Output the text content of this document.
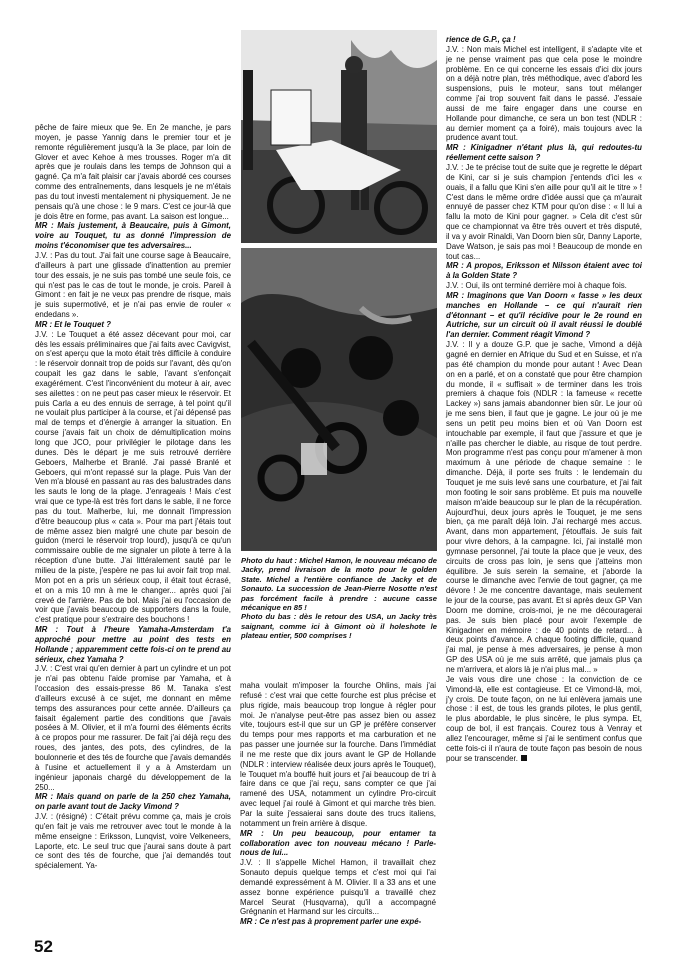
pêche de faire mieux que 9e. En 2e manche, je pars moyen, je passe Yannig dans le premier tour et je remonte régulièrement jusqu'à la 3e place, par loin de Glover et avec Kehoe à mes trousses. Roger m'a dit après que je roulais dans les temps de Johnson qui a gagné. Ça m'a fait plaisir car j'avais abordé ces courses comme des entraînements, dans lesquels je ne m'étais pas du tout investi mentalement ni physiquement. Je ne pensais qu'à une chose : le 9 mars. C'est ce jour-là que je dois être en forme, pas avant. La saison est longue...

MR : Mais justement, à Beaucaire, puis à Gimont, voire au Touquet, tu as donné l'impression de moins t'économiser que tes adversaires...

J.V. : Pas du tout. J'ai fait une course sage à Beaucaire, d'ailleurs à part une glissade d'inattention au premier tour des essais, je ne suis pas tombé une seule fois, ce qui n'est pas le cas de tout le monde, je crois. Pareil à Gimont : en fait je ne veux pas prendre de risque, mais je suis supermotivé, et je n'ai pas envie de rouler « endedans ».

MR : Et le Touquet ?

J.V. : Le Touquet a été assez décevant pour moi, car dès les essais préliminaires que j'ai faits avec Cavigvist, on s'est aperçu que la moto était très difficile à conduire : le réservoir donnait trop de poids sur l'avant, dès qu'on coupait les gaz dans le sable, l'avant s'enfonçait exagérément. C'est l'inconvénient du moteur à air, avec ses ailettes : on ne peut pas caser mieux le réservoir. Et puis Carla a eu des ennuis de serrage, à tel point qu'il ne voulait plus participer à la course, et j'ai dépensé pas mal de temps et d'énergie à arranger la situation. En course j'avais fait un choix de démultiplication moins long que JCO, pour privilégier le pilotage dans les dunes. Dès le départ je me suis retrouvé derrière Geboers, Malherbe et Branlé. J'ai passé Branlé et Geboers, qui m'ont repassé sur la plage. Puis Van der Ven m'a blousé en passant au ras des balustrades dans les sauts le long de la plage. J'enrageais ! Mais c'est vrai que ce type-là est très fort dans le sable, il ne force pas du tout. Malherbe, lui, me donnait l'impression d'être beaucoup plus « cata ». Pour ma part j'étais tout de même assez bien malgré une chute par besoin de guidon (merci le réservoir trop lourd), jusqu'à ce qu'un commissaire oublie de me signaler un pilote à terre à la réception d'une butte. J'ai littéralement sauté par le milieu de la piste, j'espère ne pas lui avoir fait trop mal. Mon pot en a pris un sérieux coup, il était tout écrasé, et on a mis 10 mn à me le changer... après quoi j'ai crevé de l'arrière. Pas de bol. Mais j'ai eu l'occasion de voir que j'avais beaucoup de supporters dans la foule, c'est pratique pour s'extraire des bouchons !

MR : Tout à l'heure Yamaha-Amsterdam t'a approché pour mettre au point des tests en Hollande ; apparemment cette fois-ci on te prend au sérieux, chez Yamaha ?

J.V. : C'est vrai qu'en dernier à part un cylindre et un pot je n'ai pas obtenu l'aide promise par Yamaha, et à l'occasion des essais-presse 86 M. Tanaka s'est d'ailleurs excusé à ce sujet, me donnant en même temps des assurances pour cette année. D'ailleurs ça faisait également partie des conditions que j'avais posées à M. Olivier, et il m'a fourni des éléments écrits à ce propos pour me rassurer. De fait j'ai déjà reçu des roues, des jantes, des pots, des cylindres, de la boulonnerie et des tés de fourche que j'avais demandés à l'usine et actuellement il y a à Amsterdam un ingénieur japonais chargé du développement de la 250...

MR : Mais quand on parle de la 250 chez Yamaha, on parle avant tout de Jacky Vimond ?

J.V. : (résigné) : C'était prévu comme ça, mais je crois qu'en fait je vais me retrouver avec tout le monde à la même enseigne : Eriksson, Lunqvist, voire Velkeneers, Laporte, etc. Le seul truc que j'aurai sans doute à part ce sont des tés de fourche, que j'ai demandés tout spécialement. Ya-

Photo du haut : Michel Hamon, le nouveau mécano de Jacky, prend livraison de la moto pour le golden State. Michel a l'entière confiance de Jacky et de Sonauto. La succession de Jean-Pierre Nosotte n'est pas forcément facile à prendre : aucune casse mécanique en 85 !

Photo du bas : dès le retour des USA, un Jacky très saignant, comme ici à Gimont où il holeshote le plateau entier, 500 comprises !

maha voulait m'imposer la fourche Ohlins, mais j'ai refusé : c'est vrai que cette fourche est plus précise et plus rigide, mais beaucoup trop longue à régler pour moi. Je n'analyse peut-être pas assez bien ou assez vite, toujours est-il que sur un GP je préfère conserver du temps pour mes rapports et ma carburation et ne pas passer une journée sur la fourche. Dans l'immédiat il ne me reste que dix jours avant le GP de Hollande (NDLR : interview réalisée deux jours après le Touquet), le Touquet m'a bouffé huit jours et j'ai beaucoup de tri à faire dans ce que j'ai reçu, sans compter ce que j'ai ramené des USA, notamment un cylindre Pro-circuit avec lequel j'ai roulé à Gimont et qui marche très bien. Par la suite j'essaierai sans doute des trucs italiens, notamment un frein arrière à disque.

MR : Un peu beaucoup, pour entamer ta collaboration avec ton nouveau mécano ! Parle-nous de lui...

J.V. : Il s'appelle Michel Hamon, il travaillait chez Sonauto depuis quelque temps et c'est moi qui l'ai demandé expressément à M. Olivier. Il a 33 ans et une assez bonne expérience puisqu'il a travaillé chez Marcel Seurat (Husqvarna), qu'il a accompagné Grégnanin et Harmand sur les circuits...

MR : Ce n'est pas à proprement parler une expé-

rience de G.P., ça !

J.V. : Non mais Michel est intelligent, il s'adapte vite et je ne pense vraiment pas que cela pose le moindre problème. En ce qui concerne les essais d'ici dix jours on a déjà notre plan, très méthodique, avec d'abord les suspensions, puis le moteur, sans tout mélanger comme j'ai trop souvent fait dans le passé. J'essaie aussi de me faire engager dans une course en Hollande pour dimanche, ce sera un bon test (NDLR : au dernier moment ça a foiré), mais toujours avec la prudence avant tout.

MR : Kinigadner n'étant plus là, qui redoutes-tu réellement cette saison ?

J.V. : Je te précise tout de suite que je regrette le départ de Kini, car si je suis champion j'entends d'ici les « ouais, il a fallu que Kini s'en aille pour qu'il ait le titre » ! C'est dans le même ordre d'idée aussi que ça m'aurait ennuyé de passer chez KTM pour qu'on dise : « Il lui a fallu la moto de Kini pour gagner. » Cela dit c'est sûr que ce championnat va être très ouvert et très disputé, il va y avoir Rinaldi, Van Doorn bien sûr, Danny Laporte, Dave Watson, je sais pas moi ! Beaucoup de monde en tout cas...

MR : A propos, Eriksson et Nilsson étaient avec toi à la Golden State ?

J.V. : Oui, ils ont terminé derrière moi à chaque fois.

MR : Imaginons que Van Doorn « fasse » les deux manches en Hollande – ce qui n'aurait rien d'étonnant – et qu'il récidive pour le 2e round en Autriche, sur un circuit où il avait réussi le doublé l'an dernier. Comment réagit Vimond ?

J.V. : Il y a douze G.P. que je sache, Vimond a déjà gagné en dernier en Afrique du Sud et en Suisse, et n'a pas été champion du monde pour autant ! Avec Dean on en a parlé, et on a constaté que pour être champion du monde, il « suffisait » de terminer dans les trois premiers à chaque fois (NDLR : la fameuse « recette Lackey ») sans jamais abandonner bien sûr. Le jour où je me sens bien, il faut que je gagne. Le jour où je me sens un petit peu moins bien et où Van Doorn est intouchable par exemple, il faut que j'assure et que je n'aille pas chercher le diable, au risque de tout perdre. Mon programme n'est pas conçu pour m'amener à mon maximum à une période de chaque semaine : le dimanche. Déjà, il porte ses fruits : le lendemain du Touquet je me suis levé sans une courbature, et j'ai fait mon footing le soir sans problème. Et puis ma nouvelle maison m'aide beaucoup sur le plan de la récupération. Aujourd'hui, deux jours après le Touquet, je me sens bien, ça me paraît déjà loin. J'ai rechargé mes accus. Avant, dans mon appartement, j'étouffais. Je suis fait pour vivre dehors, à la campagne. Ici, j'ai installé mon gymnase personnel, j'ai toute la place que je veux, des circuits de cross pas loin, je sens que j'atteins mon équilibre. Je suis serein la semaine, et j'aborde la course le dimanche avec l'envie de tout gagner, ça me dévore ! Je me concentre davantage, mais seulement le jour de la course, pas avant. Et si après deux GP Van Doorn me domine, crois-moi, je ne me découragerai pas. Je suis bien placé pour avoir l'exemple de Kinigadner en mémoire : de 40 points de retard... à deux points d'avance. A chaque footing difficile, quand j'ai mal, je pense à mes adversaires, je pense à mon GP des USA où je me suis arrêté, que jamais plus ça ne m'arrivera, et alors là je n'ai plus mal... »

Je vais vous dire une chose : la conviction de ce Vimond-là, elle est contagieuse. Et ce Vimond-là, moi, j'y crois. De toute façon, on ne lui enlèvera jamais une chose : il est, de tous les grands pilotes, le plus gentil, le plus abordable, le plus sincère, le plus sympa. Et, coup de bol, il est français. Courez tous à Venray et allez l'encourager, même si j'ai le sentiment confus que cette fois-ci il n'aura de toute façon pas besoin de nous pour se transcender.

52
